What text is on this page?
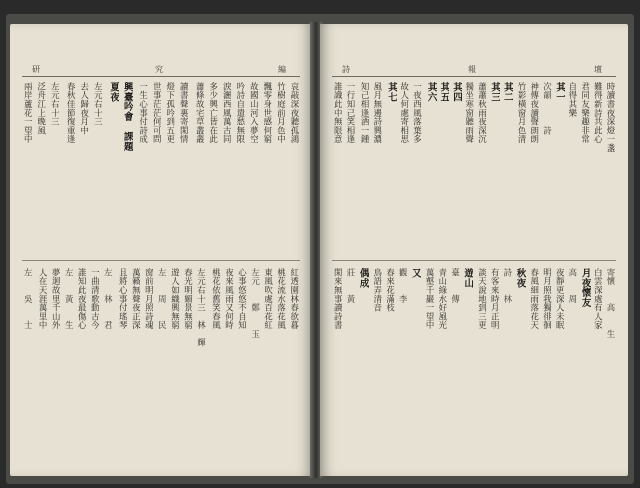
研	究	編
哀敲深夜聽孤鴻
竹樹庭前月色中
飄零身世感何窮
故國山河入夢空
吟詩自遣愁無限
淚灑西風萬古同
多少興亡皆在此
蕭條故宅草叢叢
讀書聲裏寄閑情
燈下孤吟到五更
世事茫茫何可問
一生心事付詩成
興臺吟會　課題
夏夜
左元右十三
去人歸夜月中
春秋佳節復重逢
左元右十三
泛舟江上晚風
兩岸蘆花一望中
紅透園林春欲暮
桃花流水落花風
東風吹處百花紅
左元　　鄭　　玉
心事悠悠不自知
夜來風雨又何時
桃花依舊笑春風
左元右十三　林　輝
春光明媚景無窮
遊人如織興無窮
左　　周　　民
窗前明月照詩魂
萬籟無聲夜正深
且將心事付瑤琴
左　　林　　君
一曲清歌動古今
誰知此夜最傷心
左　　黃　　生
夢迴故里千山外
人在天涯萬里中
左　　吳　　士
詩	報	壇
時讀書夜深燈一盞
難得新詩共此心
君同友樂趣非常
自得其樂
其一
次韻　　　詩
神傳夜讀聲朗朗
竹影橫窗月色清
其二
其三
蕭蕭秋雨夜深沉
獨坐寒窗聽雨聲
其四
其五
其六
一夜西風落葉多
故人何處寄相思
其七
風月無邊詩興濃
知己相逢酒一鍾
一行知己笑相逢
誰識此中無限意
寄懷　　高　　生
白雲深處有人家
月夜懷友
高　　周
夜靜更深人未眠
明月照我獨徘徊
春風細雨落花天
秋夜
詩　　林
有客來時月正明
談天說地到三更
遊山
臺　　傳
青山綠水好風光
萬壑千巖一望中
又
觀　　李
春來花滿枝
鳥語弄清音
偶成
莊　　黃
閑來無事讀詩書
